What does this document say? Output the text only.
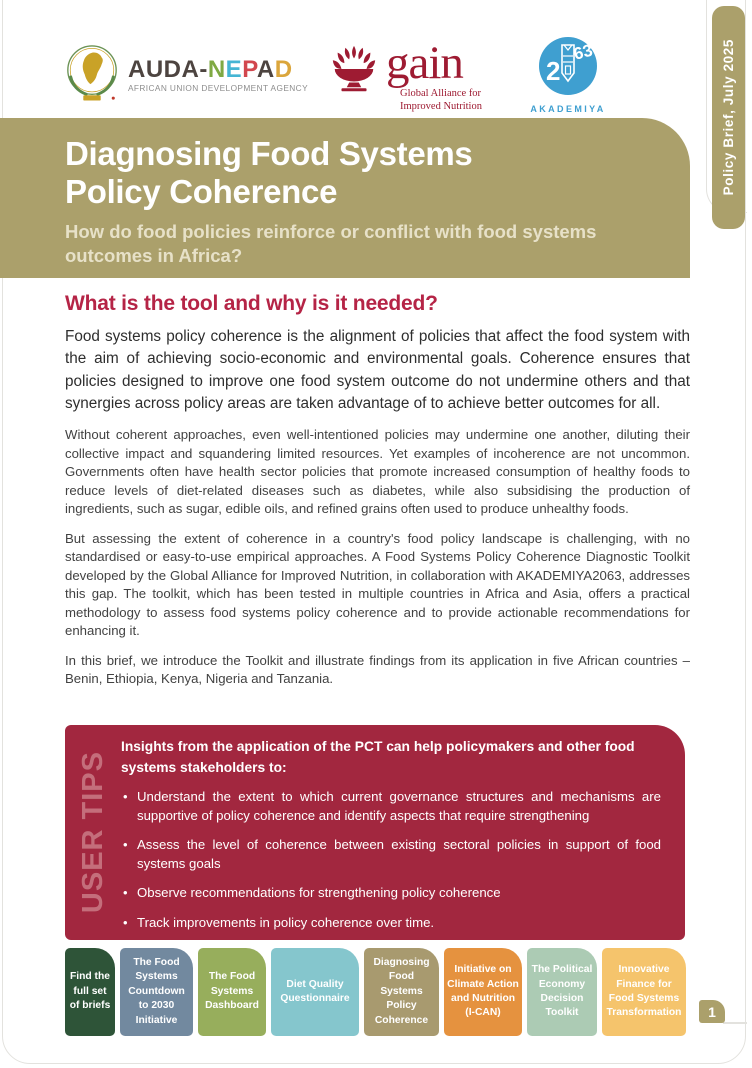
AUDA-NEPAD
AFRICAN UNION DEVELOPMENT AGENCY gain
Global Alliance for
Improved Nutrition
2
63
AKADEMIYA
Diagnosing Food Systems
Policy Coherence
How do food policies reinforce or conflict with food systems outcomes in Africa?
Policy Brief, July 2025
What is the tool and why is it needed?

Food systems policy coherence is the alignment of policies that affect the food system with the aim of achieving socio-economic and environmental goals. Coherence ensures that policies designed to improve one food system outcome do not undermine others and that synergies across policy areas are taken advantage of to achieve better outcomes for all.

Without coherent approaches, even well-intentioned policies may undermine one another, diluting their collective impact and squandering limited resources. Yet examples of incoherence are not uncommon. Governments often have health sector policies that promote increased consumption of healthy foods to reduce levels of diet-related diseases such as diabetes, while also subsidising the production of ingredients, such as sugar, edible oils, and refined grains often used to produce unhealthy foods.

But assessing the extent of coherence in a country's food policy landscape is challenging, with no standardised or easy-to-use empirical approaches. A Food Systems Policy Coherence Diagnostic Toolkit developed by the Global Alliance for Improved Nutrition, in collaboration with AKADEMIYA2063, addresses this gap. The toolkit, which has been tested in multiple countries in Africa and Asia, offers a practical methodology to assess food systems policy coherence and to provide actionable recommendations for enhancing it.

In this brief, we introduce the Toolkit and illustrate findings from its application in five African countries – Benin, Ethiopia, Kenya, Nigeria and Tanzania.

USER TIPS
Insights from the application of the PCT can help policymakers and other food systems stakeholders to:
• Understand the extent to which current governance structures and mechanisms are supportive of policy coherence and identify aspects that require strengthening
• Assess the level of coherence between existing sectoral policies in support of food systems goals
• Observe recommendations for strengthening policy coherence
• Track improvements in policy coherence over time.
Find the full set of briefs
The Food Systems Countdown to 2030 Initiative
The Food Systems Dashboard
Diet Quality Questionnaire
Diagnosing Food Systems Policy Coherence
Initiative on Climate Action and Nutrition (I-CAN)
The Political Economy Decision Toolkit
Innovative Finance for Food Systems Transformation	1
